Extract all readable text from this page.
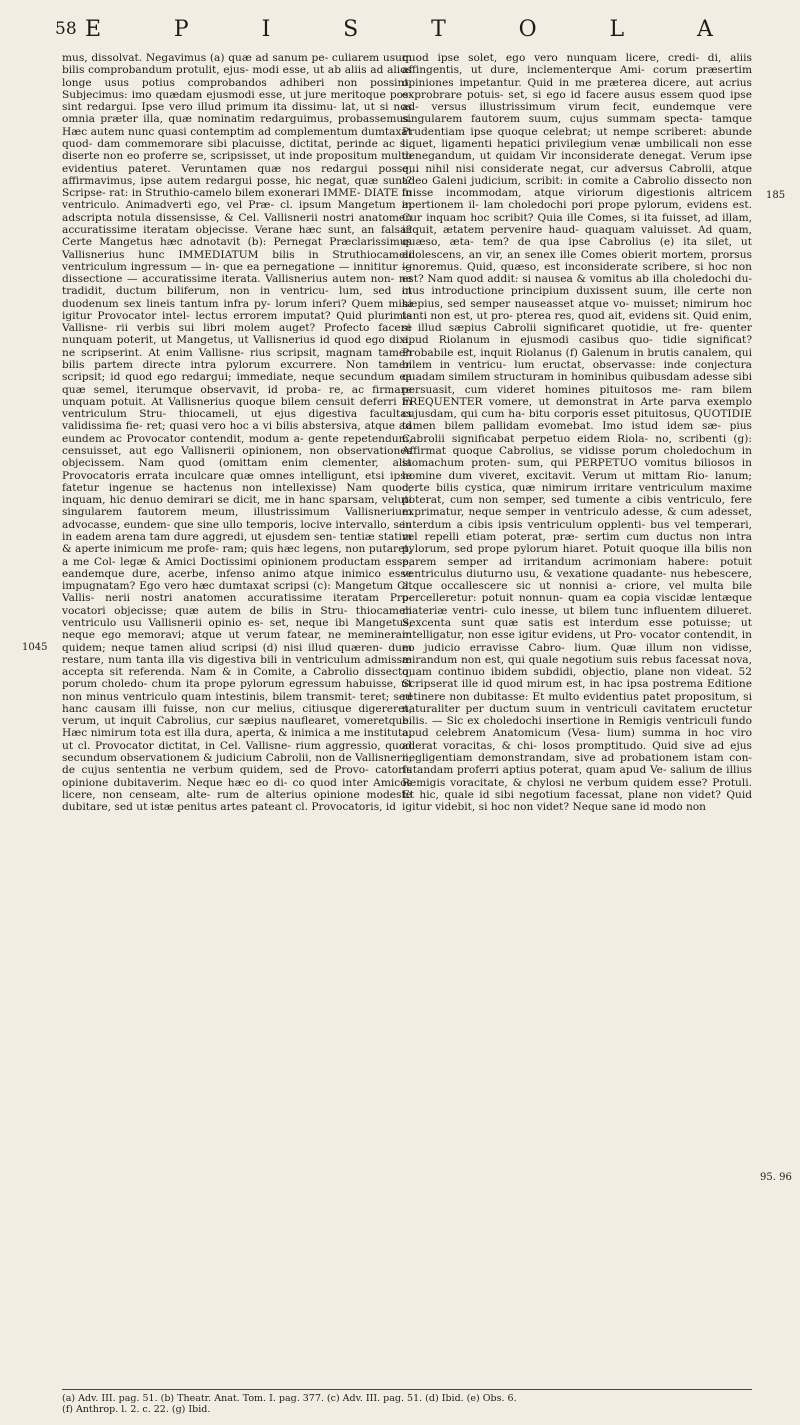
58 E	P	I	S	T	O	L	A
1045
185
95. 96

mus, dissolvat. Negavimus (a) quæ ad sanum pe- culiarem usum bilis comprobandum protulit, ejus- modi esse, ut ab aliis ad alios longe usus potius comprobandos adhiberi non possint. Subjecimus: imo quædam ejusmodi esse, ut jure meritoque pos- sint redargui. Ipse vero illud primum ita dissimu- lat, ut si nos omnia præter illa, quæ nominatim redarguimus, probassemus. Hæc autem nunc quasi contemptim ad complementum dumtaxat quod- dam commemorare sibi placuisse, dictitat, perinde ac si, diserte non eo proferre se, scripsisset, ut inde propositum multo evidentius pateret. Veruntamen quæ nos redargui posse, affirmavimus, ipse autem redargui posse, hic negat, quæ sunt? Scripse- rat: in Struthio-camelo bilem exonerari IMME- DIATE in ventriculo. Animadverti ego, vel Præ- cl. ipsum Mangetum in adscripta notula dissensisse, & Cel. Vallisnerii nostri anatomen accuratissime iteratam objecisse. Verane hæc sunt, an falsa? Certe Mangetus hæc adnotavit (b): Pernegat Præclarissimus Vallisnerius hunc IMMEDIATUM bilis in Struthiocameli ventriculum ingressum — in- que ea pernegatione — innititur — dissectione — accuratissime iterata. Vallisnerius autem non- ne tradidit, ductum biliferum, non in ventricu- lum, sed in duodenum sex lineis tantum infra py- lorum inferi? Quem mihi igitur Provocator intel- lectus errorem imputat? Quid plurimis Vallisne- rii verbis sui libri molem auget? Profecto facere nunquam poterit, ut Mangetus, ut Vallisnerius id quod ego dixi, ne scripserint. At enim Vallisne- rius scripsit, magnam tamen bilis partem directe intra pylorum excurrere. Non tamen scripsit; id quod ego redargui; immediate, neque secundum ea quæ semel, iterumque observavit, id proba- re, ac firmare unquam potuit. At Vallisnerius quoque bilem censuit deferri in ventriculum Stru- thiocameli, ut ejus digestiva facultas validissima fie- ret; quasi vero hoc a vi bilis abstersiva, atque ad eundem ac Provocator contendit, modum a- gente repetendum, censuisset, aut ego Vallisnerii opinionem, non observationes objecissem. Nam quod (omittam enim clementer, alia Provocatoris errata inculcare quæ omnes intelligunt, etsi ipse fatetur ingenue se hactenus non intellexisse) Nam quod, inquam, hic denuo demirari se dicit, me in hanc sparsam, veluti singularem fautorem meum, illustrissimum Vallisnerium advocasse, eundem- que sine ullo temporis, locive intervallo, seu in eadem arena tam dure aggredi, ut ejusdem sen- tentiæ statim & aperte inimicum me profe- ram; quis hæc legens, non putaret, a me Col- legæ & Amici Doctissimi opinionem productam esse, eandemque dure, acerbe, infenso animo atque inimico esse impugnatam? Ego vero hæc dumtaxat scripsi (c): Mangetum Cl. Vallis- nerii nostri anatomen accuratissime iteratam Pro- vocatori objecisse; quæ autem de bilis in Stru- thiocameli ventriculo usu Vallisnerii opinio es- set, neque ibi Mangetus, neque ego memoravi; atque ut verum fatear, ne memineram quidem; neque tamen aliud scripsi (d) nisi illud quæren- dum restare, num tanta illa vis digestiva bili in ventriculum admissæ accepta sit referenda. Nam & in Comite, a Cabrolio dissecto, porum choledo- chum ita prope pylorum egressum habuisse, ut non minus ventriculo quam intestinis, bilem transmit- teret; sed hanc causam illi fuisse, non cur melius, citiusque digereret, verum, ut inquit Cabrolius, cur sæpius nauflearet, vomeretque. Hæc nimirum tota est illa dura, aperta, & inimica a me instituta, ut cl. Provocator dictitat, in Cel. Vallisne- rium aggressio, quod secundum observationem & judicium Cabrolii, non de Vallisnerii, de cujus sententia ne verbum quidem, sed de Provo- catoris opinione dubitaverim. Neque hæc eo di- co quod inter Amicos licere, non censeam, alte- rum de alterius opinione modeste dubitare, sed ut istæ penitus artes pateant cl. Provocatoris, id

quod ipse solet, ego vero nunquam licere, credi- di, aliis affingentis, ut dure, inclementerque Ami- corum præsertim opiniones impetantur. Quid in me præterea dicere, aut acrius exprobrare potuis- set, si ego id facere ausus essem quod ipse ad- versus illustrissimum virum fecit, eundemque vere singularem fautorem suum, cujus summam specta- tamque Prudentiam ipse quoque celebrat; ut nempe scriberet: abunde liquet, ligamenti hepatici privilegium venæ umbilicali non esse denegandum, ut quidam Vir inconsiderate denegat. Verum ipse qui nihil nisi considerate negat, cur adversus Cabrolii, atque adeo Galeni judicium, scribit: in comite a Cabrolio dissecto non fuisse incommodam, atque viriorum digestionis altricem apertionem il- lam choledochi pori prope pylorum, evidens est. Cur inquam hoc scribit? Quia ille Comes, si ita fuisset, ad illam, inquit, ætatem pervenire haud- quaquam valuisset. Ad quam, quæso, æta- tem? de qua ipse Cabrolius (e) ita silet, ut adolescens, an vir, an senex ille Comes obierit mortem, prorsus ignoremus. Quid, quæso, est inconsiderate scribere, si hoc non est? Nam quod addit: si nausea & vomitus ab illa choledochi du- ctus introductione principium duxissent suum, ille certe non sæpius, sed semper nauseasset atque vo- muisset; nimirum hoc tanti non est, ut pro- pterea res, quod ait, evidens sit. Quid enim, si illud sæpius Cabrolii significaret quotidie, ut fre- quenter apud Riolanum in ejusmodi casibus quo- tidie significat? Probabile est, inquit Riolanus (f) Galenum in brutis canalem, qui bilem in ventricu- lum eructat, observasse: inde conjectura quadam similem structuram in hominibus quibusdam adesse sibi persuasit, cum videret homines pituitosos me- ram bilem FREQUENTER vomere, ut demonstrat in Arte parva exemplo cujusdam, qui cum ha- bitu corporis esset pituitosus, QUOTIDIE tamen bilem pallidam evomebat. Imo istud idem sæ- pius Cabrolii significabat perpetuo eidem Riola- no, scribenti (g): Affirmat quoque Cabrolius, se vidisse porum choledochum in stomachum proten- sum, qui PERPETUO vomitus biliosos in homine dum viveret, excitavit. Verum ut mittam Rio- lanum; certe bilis cystica, quæ nimirum irritare ventriculum maxime poterat, cum non semper, sed tumente a cibis ventriculo, fere exprimatur, neque semper in ventriculo adesse, & cum adesset, interdum a cibis ipsis ventriculum opplenti- bus vel temperari, vel repelli etiam poterat, præ- sertim cum ductus non intra pylorum, sed prope pylorum hiaret. Potuit quoque illa bilis non parem semper ad irritandum acrimoniam habere: potuit ventriculus diuturno usu, & vexatione quadante- nus hebescere, atque occallescere sic ut nonnisi a- criore, vel multa bile percelleretur: potuit nonnun- quam ea copia viscidæ lentæque materiæ ventri- culo inesse, ut bilem tunc influentem dilueret. Sexcenta sunt quæ satis est interdum esse potuisse; ut intelligatur, non esse igitur evidens, ut Pro- vocator contendit, in eo judicio erravisse Cabro- lium. Quæ illum non vidisse, mirandum non est, qui quale negotium suis rebus facessat nova, quam continuo ibidem subdidi, objectio, plane non videat. 52 Scripserat ille id quod mirum est, in hac ipsa postrema Editione retinere non dubitasse: Et multo evidentius patet propositum, si naturaliter per ductum suum in ventriculi cavitatem eructetur bilis. — Sic ex choledochi insertione in Remigis ventriculi fundo apud celebrem Anatomicum (Vesa- lium) summa in hoc viro aderat voracitas, & chi- losos promptitudo. Quid sive ad ejus negligentiam demonstrandam, sive ad probationem istam con- futandam proferri aptius poterat, quam apud Ve- salium de illius Remigis voracitate, & chylosi ne verbum quidem esse? Protuli. Et hic, quale id sibi negotium facessat, plane non videt? Quid igitur videbit, si hoc non videt? Neque sane id modo non

(a) Adv. III. pag. 51. (b) Theatr. Anat. Tom. I. pag. 377. (c) Adv. III. pag. 51. (d) Ibid. (e) Obs. 6.
(f) Anthrop. l. 2. c. 22. (g) Ibid.
